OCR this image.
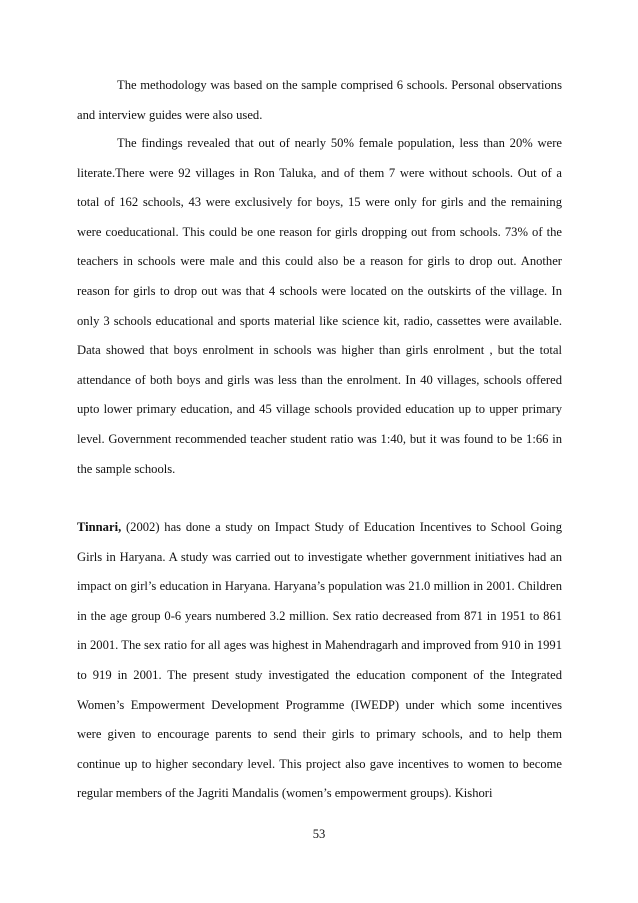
The methodology was based on the sample comprised 6 schools. Personal observations and interview guides were also used.

The findings revealed that out of nearly 50% female population, less than 20% were literate.There were 92 villages in Ron Taluka, and of them 7 were without schools. Out of a total of 162 schools, 43 were exclusively for boys, 15 were only for girls and the remaining were coeducational. This could be one reason for girls dropping out from schools. 73% of the teachers in schools were male and this could also be a reason for girls to drop out. Another reason for girls to drop out was that 4 schools were located on the outskirts of the village. In only 3 schools educational and sports material like science kit, radio, cassettes were available. Data showed that boys enrolment in schools was higher than girls enrolment , but the total attendance of both boys and girls was less than the enrolment. In 40 villages, schools offered upto lower primary education, and 45 village schools provided education up to upper primary level. Government recommended teacher student ratio was 1:40, but it was found to be 1:66 in the sample schools.

Tinnari, (2002) has done a study on Impact Study of Education Incentives to School Going Girls in Haryana. A study was carried out to investigate whether government initiatives had an impact on girl’s education in Haryana. Haryana’s population was 21.0 million in 2001. Children in the age group 0-6 years numbered 3.2 million. Sex ratio decreased from 871 in 1951 to 861 in 2001. The sex ratio for all ages was highest in Mahendragarh and improved from 910 in 1991 to 919 in 2001. The present study investigated the education component of the Integrated Women’s Empowerment Development Programme (IWEDP) under which some incentives were given to encourage parents to send their girls to primary schools, and to help them continue up to higher secondary level. This project also gave incentives to women to become regular members of the Jagriti Mandalis (women’s empowerment groups). Kishori

53
